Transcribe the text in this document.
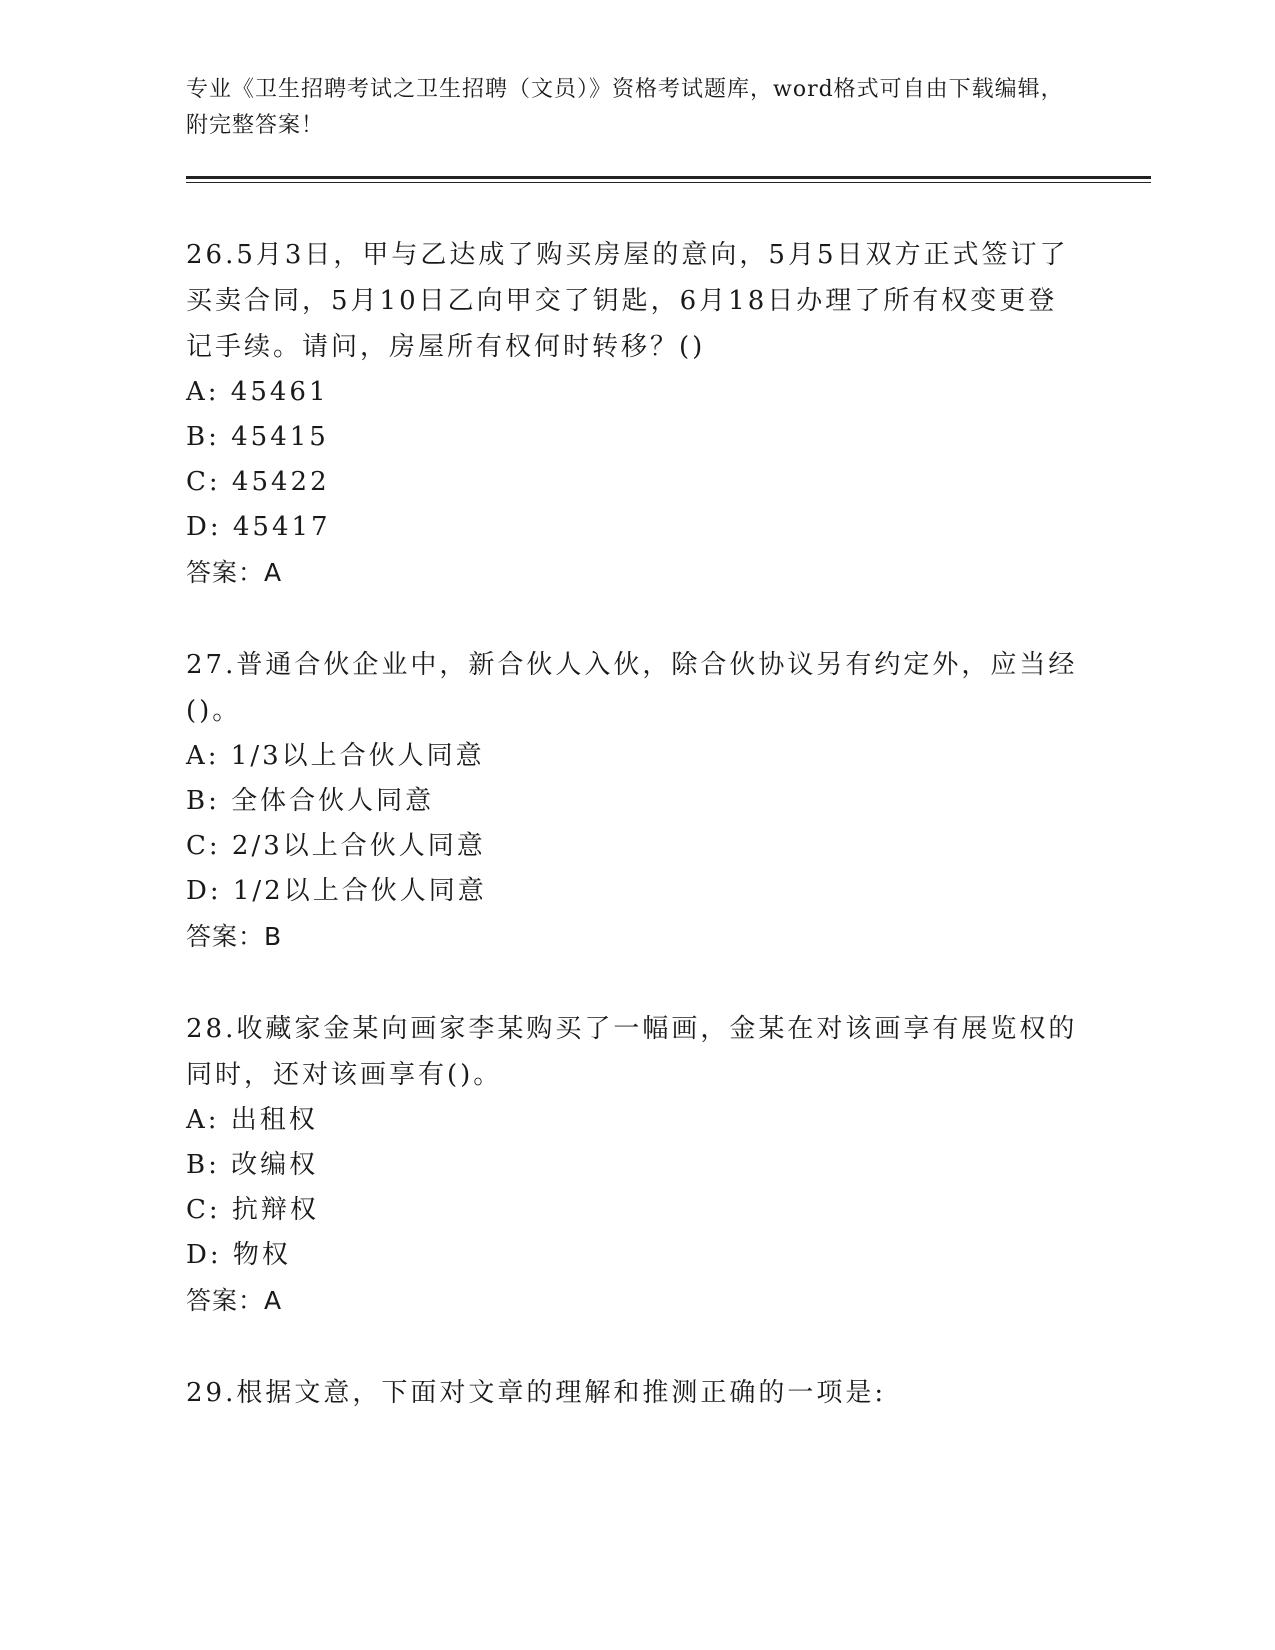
专业《卫生招聘考试之卫生招聘（文员）》资格考试题库，word格式可自由下载编辑，附完整答案！
26.5月3日，甲与乙达成了购买房屋的意向，5月5日双方正式签订了买卖合同，5月10日乙向甲交了钥匙，6月18日办理了所有权变更登记手续。请问，房屋所有权何时转移？()
A: 45461
B: 45415
C: 45422
D: 45417
答案：A
27.普通合伙企业中，新合伙人入伙，除合伙协议另有约定外，应当经()。
A: 1/3以上合伙人同意
B: 全体合伙人同意
C: 2/3以上合伙人同意
D: 1/2以上合伙人同意
答案：B
28.收藏家金某向画家李某购买了一幅画，金某在对该画享有展览权的同时，还对该画享有()。
A: 出租权
B: 改编权
C: 抗辩权
D: 物权
答案：A
29.根据文意，下面对文章的理解和推测正确的一项是:
